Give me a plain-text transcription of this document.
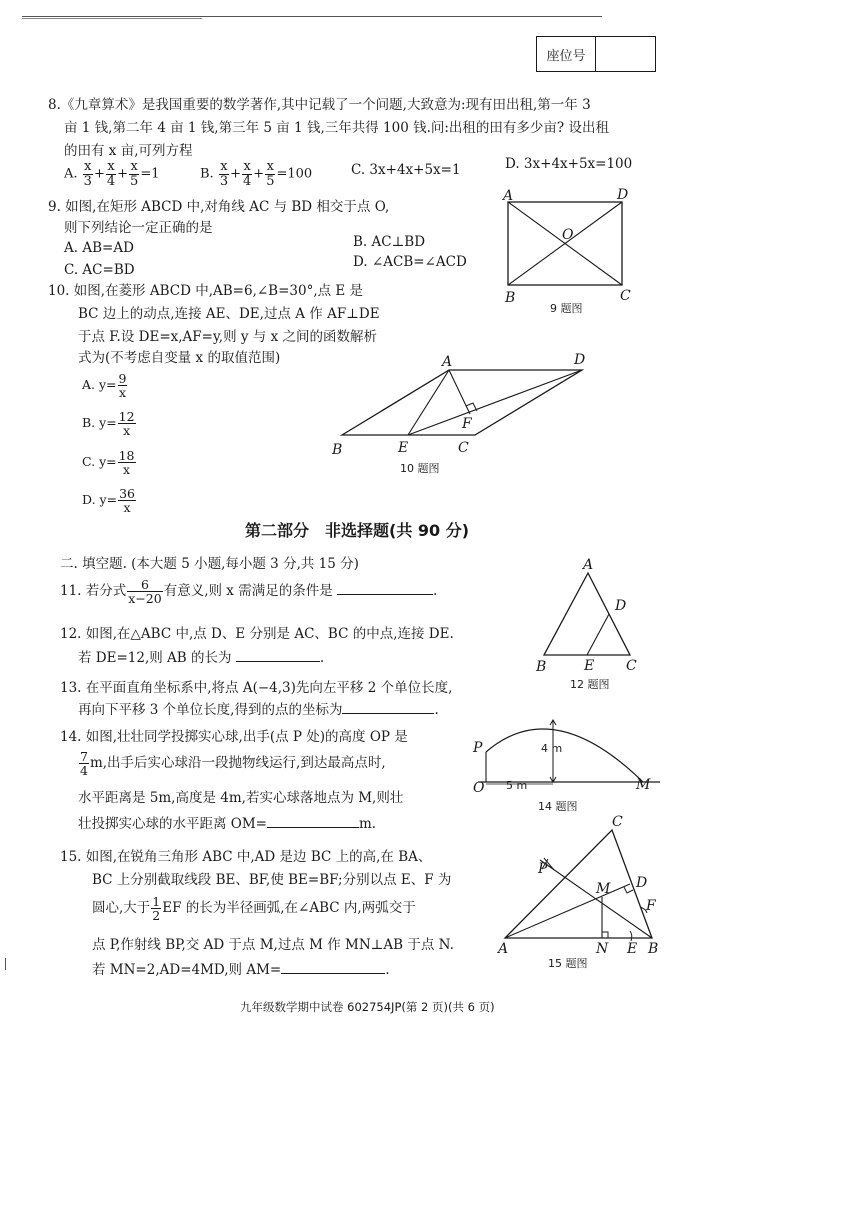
座位号
8.《九章算术》是我国重要的数学著作,其中记载了一个问题,大致意为:现有田出租,第一年 3
亩 1 钱,第二年 4 亩 1 钱,第三年 5 亩 1 钱,三年共得 100 钱.问:出租的田有多少亩? 设出租
的田有 x 亩,可列方程
A. $\frac{x}{3} + \frac{x}{4} + \frac{x}{5} =1$	B. $\frac{x}{3} + \frac{x}{4} + \frac{x}{5} =100$	C. 3x+4x+5x=1	D. 3x+4x+5x=100
9. 如图,在矩形 ABCD 中,对角线 AC 与 BD 相交于点 O,
则下列结论一定正确的是
A. AB=AD	B. AC⊥BD
C. AC=BD	D. ∠ACB=∠ACD
A	D
B	C
O
9 题图
10. 如图,在菱形 ABCD 中,AB=6,∠B=30°,点 E 是
BC 边上的动点,连接 AE、DE,过点 A 作 AF⊥DE
于点 F.设 DE=x,AF=y,则 y 与 x 之间的函数解析
式为(不考虑自变量 x 的取值范围)
A. $y= \frac{9}{x}$
B. $y= \frac{12}{x}$
C. $y= \frac{18}{x}$
D. $y= \frac{36}{x}$
A	D
B	E	C
F
10 题图
第二部分　非选择题(共 90 分)
二. 填空题. (本大题 5 小题,每小题 3 分,共 15 分)
11. 若分式 $\frac{6}{x-20}$ 有意义,则 x 需满足的条件是	.
12. 如图,在△ABC 中,点 D、E 分别是 AC、BC 的中点,连接 DE.
若 DE=12,则 AB 的长为	.
A
D
B	E C
12 题图
13. 在平面直角坐标系中,将点 A(−4,3)先向左平移 2 个单位长度,
再向下平移 3 个单位长度,得到的点的坐标为	.
14. 如图,壮壮同学投掷实心球,出手(点 P 处)的高度 OP 是
$\frac{7}{4} m$,出手后实心球沿一段抛物线运行,到达最高点时,
水平距离是 5m,高度是 4m,若实心球落地点为 M,则壮
壮投掷实心球的水平距离 OM=	m.
4 m
5 m
P
O	M
14 题图
15. 如图,在锐角三角形 ABC 中,AD 是边 BC 上的高,在 BA、
BC 上分别截取线段 BE、BF,使 BE=BF;分别以点 E、F 为
圆心,大于 $\frac{1}{2}$ EF 的长为半径画弧,在∠ABC 内,两弧交于
点 P,作射线 BP,交 AD 于点 M,过点 M 作 MN⊥AB 于点 N.
若 MN=2,AD=4MD,则 AM=	.
C
P
M D
F
A	N E B
15 题图
九年级数学期中试卷 602754JP(第 2 页)(共 6 页)
